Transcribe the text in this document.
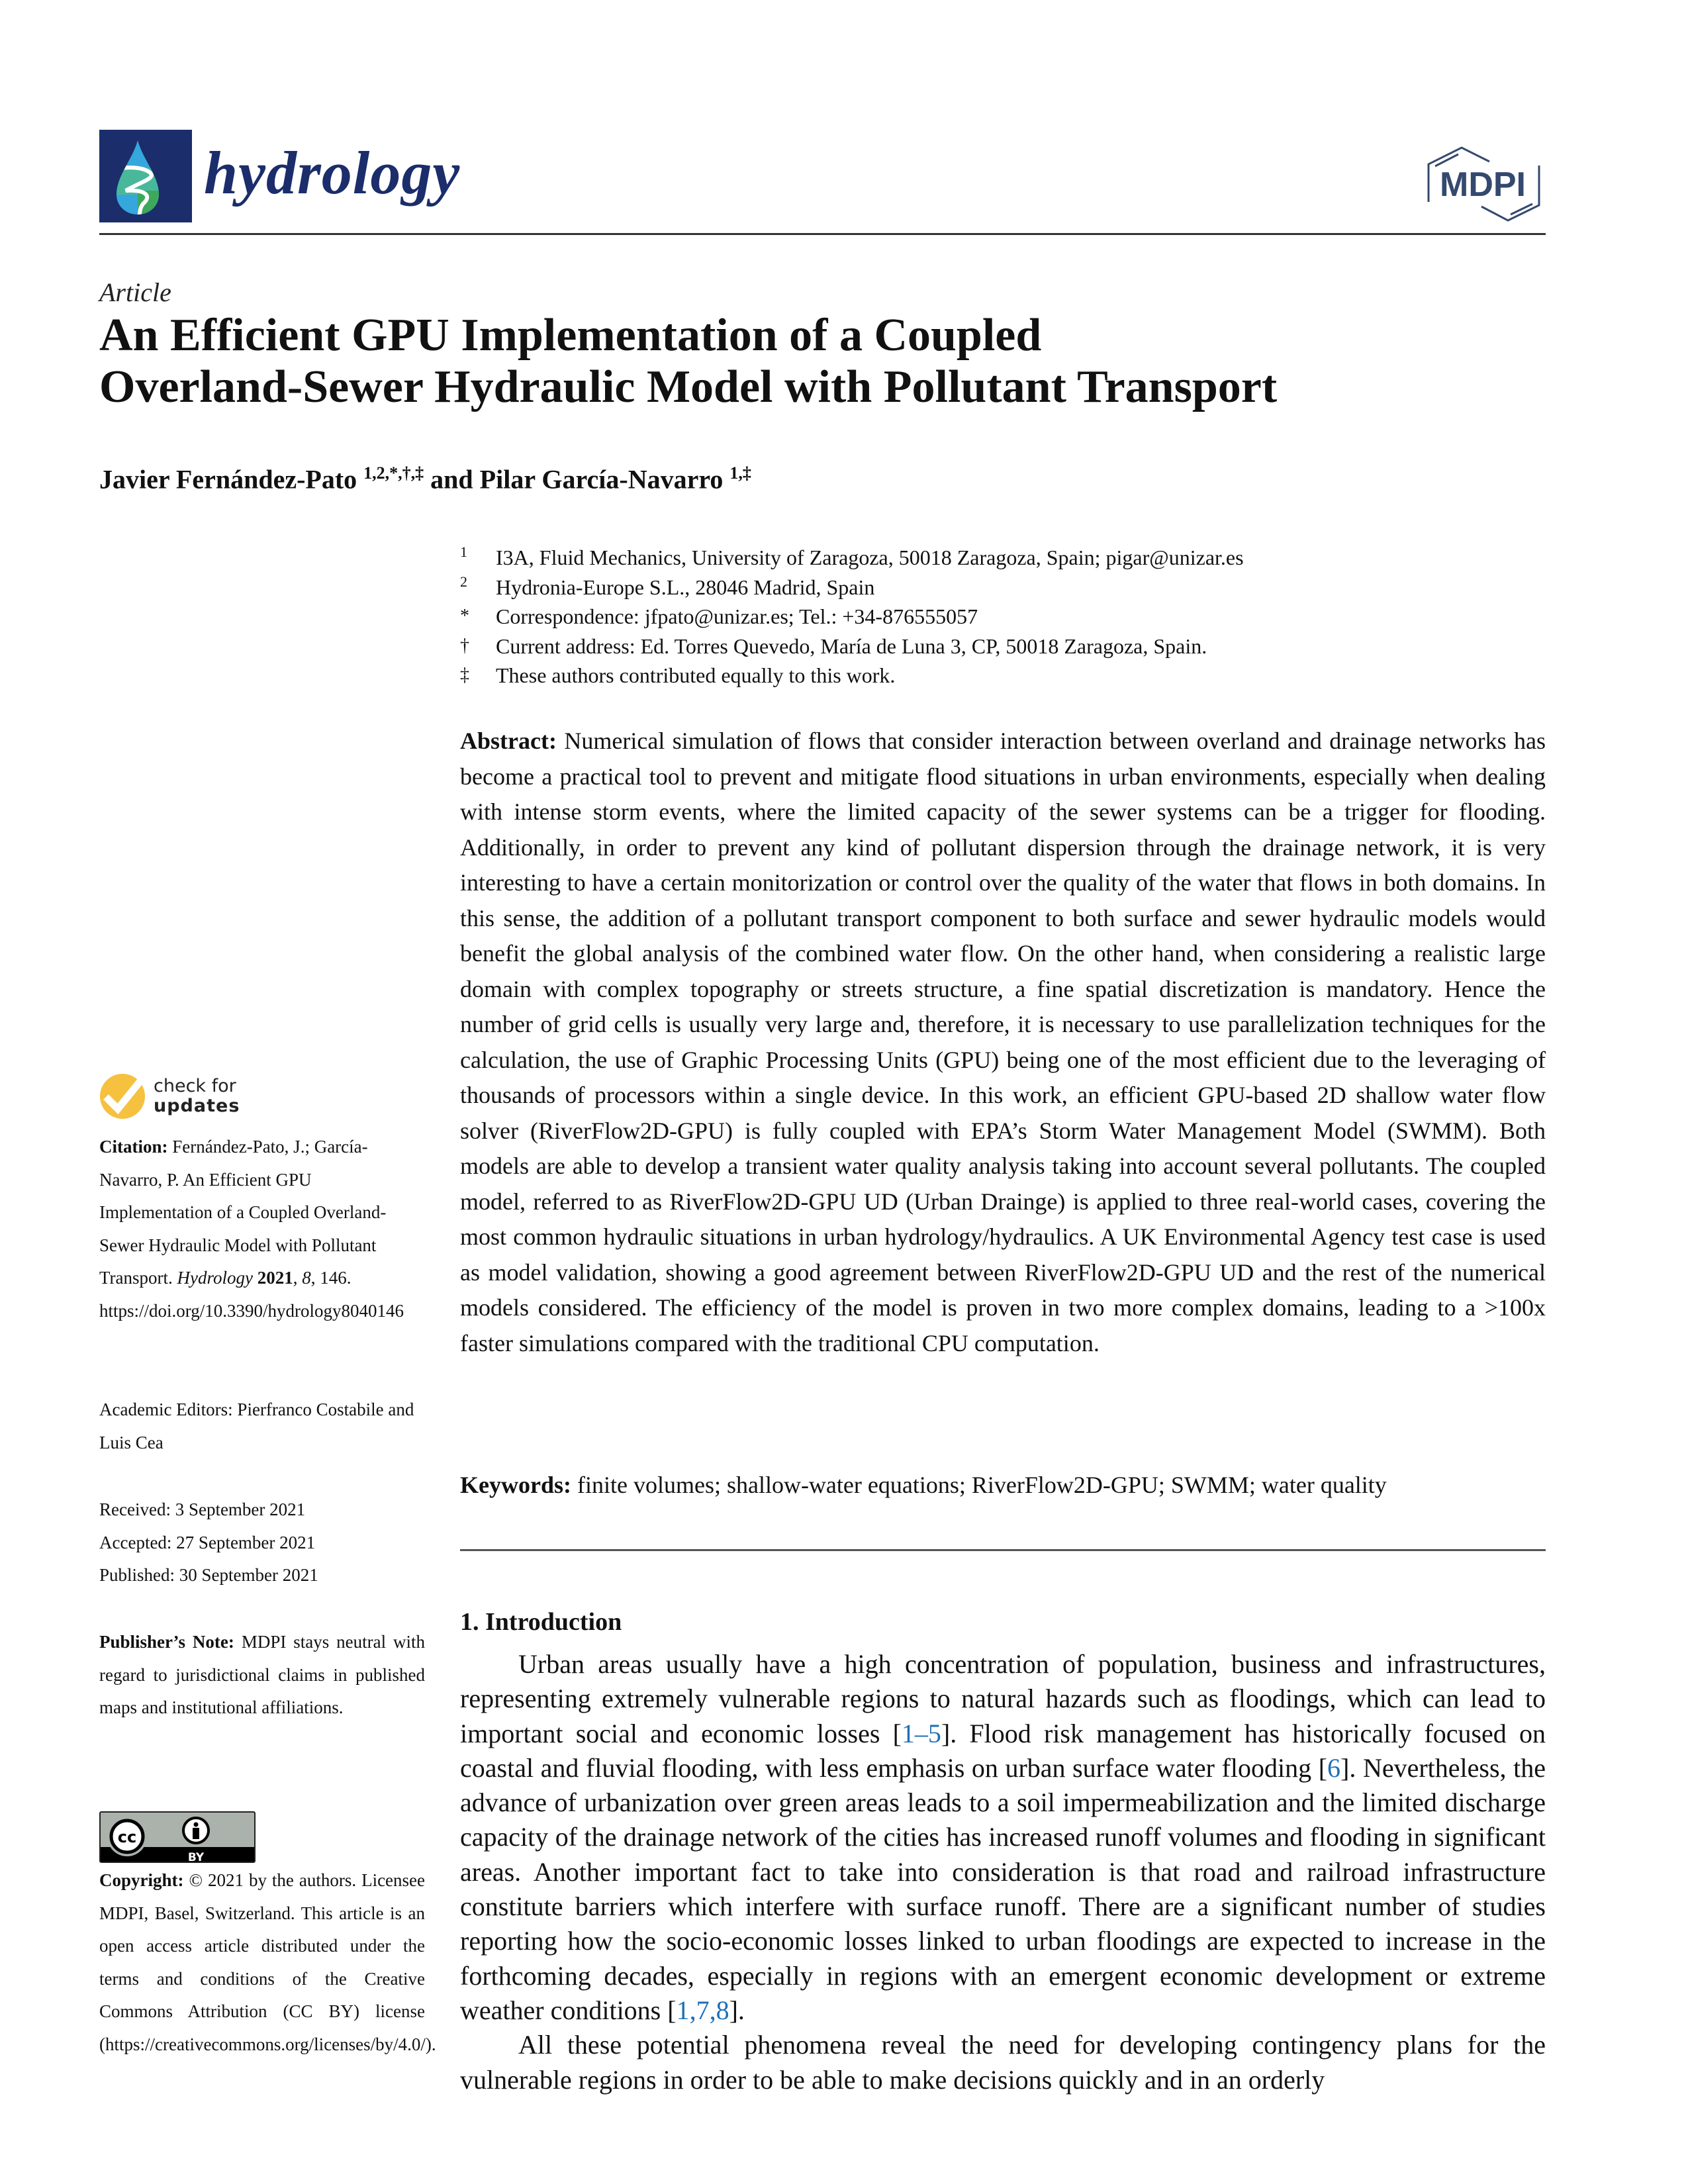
hydrology	MDPI
Article
An Efficient GPU Implementation of a Coupled
Overland-Sewer Hydraulic Model with Pollutant Transport
Javier Fernández-Pato $^{1,2,*,\dagger,\ddagger}$ and Pilar García-Navarro $^{1,\ddagger}$
1	I3A, Fluid Mechanics, University of Zaragoza, 50018 Zaragoza, Spain; pigar@unizar.es
2	Hydronia-Europe S.L., 28046 Madrid, Spain
*	Correspondence: jfpato@unizar.es; Tel.: +34-876555057
†	Current address: Ed. Torres Quevedo, María de Luna 3, CP, 50018 Zaragoza, Spain.
‡	These authors contributed equally to this work.
Abstract: Numerical simulation of flows that consider interaction between overland and drainage networks has become a practical tool to prevent and mitigate flood situations in urban environments, especially when dealing with intense storm events, where the limited capacity of the sewer systems can be a trigger for flooding. Additionally, in order to prevent any kind of pollutant dispersion through the drainage network, it is very interesting to have a certain monitorization or control over the quality of the water that flows in both domains. In this sense, the addition of a pollutant transport component to both surface and sewer hydraulic models would benefit the global analysis of the combined water flow. On the other hand, when considering a realistic large domain with complex topography or streets structure, a fine spatial discretization is mandatory. Hence the number of grid cells is usually very large and, therefore, it is necessary to use parallelization techniques for the calculation, the use of Graphic Processing Units (GPU) being one of the most efficient due to the leveraging of thousands of processors within a single device. In this work, an efficient GPU-based 2D shallow water flow solver (RiverFlow2D-GPU) is fully coupled with EPA’s Storm Water Management Model (SWMM). Both models are able to develop a transient water quality analysis taking into account several pollutants. The coupled model, referred to as RiverFlow2D-GPU UD (Urban Drainge) is applied to three real-world cases, covering the most common hydraulic situations in urban hydrology/hydraulics. A UK Environmental Agency test case is used as model validation, showing a good agreement between RiverFlow2D-GPU UD and the rest of the numerical models considered. The efficiency of the model is proven in two more complex domains, leading to a >100x faster simulations compared with the traditional CPU computation.
Keywords: finite volumes; shallow-water equations; RiverFlow2D-GPU; SWMM; water quality
1. Introduction

Urban areas usually have a high concentration of population, business and infrastructures, representing extremely vulnerable regions to natural hazards such as floodings, which can lead to important social and economic losses [1–5]. Flood risk management has historically focused on coastal and fluvial flooding, with less emphasis on urban surface water flooding [6]. Nevertheless, the advance of urbanization over green areas leads to a soil impermeabilization and the limited discharge capacity of the drainage network of the cities has increased runoff volumes and flooding in significant areas. Another important fact to take into consideration is that road and railroad infrastructure constitute barriers which interfere with surface runoff. There are a significant number of studies reporting how the socio-economic losses linked to urban floodings are expected to increase in the forthcoming decades, especially in regions with an emergent economic development or extreme weather conditions [1,7,8].

All these potential phenomena reveal the need for developing contingency plans for the vulnerable regions in order to be able to make decisions quickly and in an orderly

check for
updates
Citation: Fernández-Pato, J.; García-Navarro, P. An Efficient GPU Implementation of a Coupled Overland-Sewer Hydraulic Model with Pollutant Transport. Hydrology 2021, 8, 146. https://doi.org/10.3390/hydrology8040146
Academic Editors: Pierfranco Costabile and Luis Cea
Received: 3 September 2021
Accepted: 27 September 2021
Published: 30 September 2021
Publisher’s Note: MDPI stays neutral with regard to jurisdictional claims in published maps and institutional affiliations.
cc
BY
Copyright: © 2021 by the authors. Licensee MDPI, Basel, Switzerland. This article is an open access article distributed under the terms and conditions of the Creative Commons Attribution (CC BY) license (https://creativecommons.org/licenses/by/4.0/).
